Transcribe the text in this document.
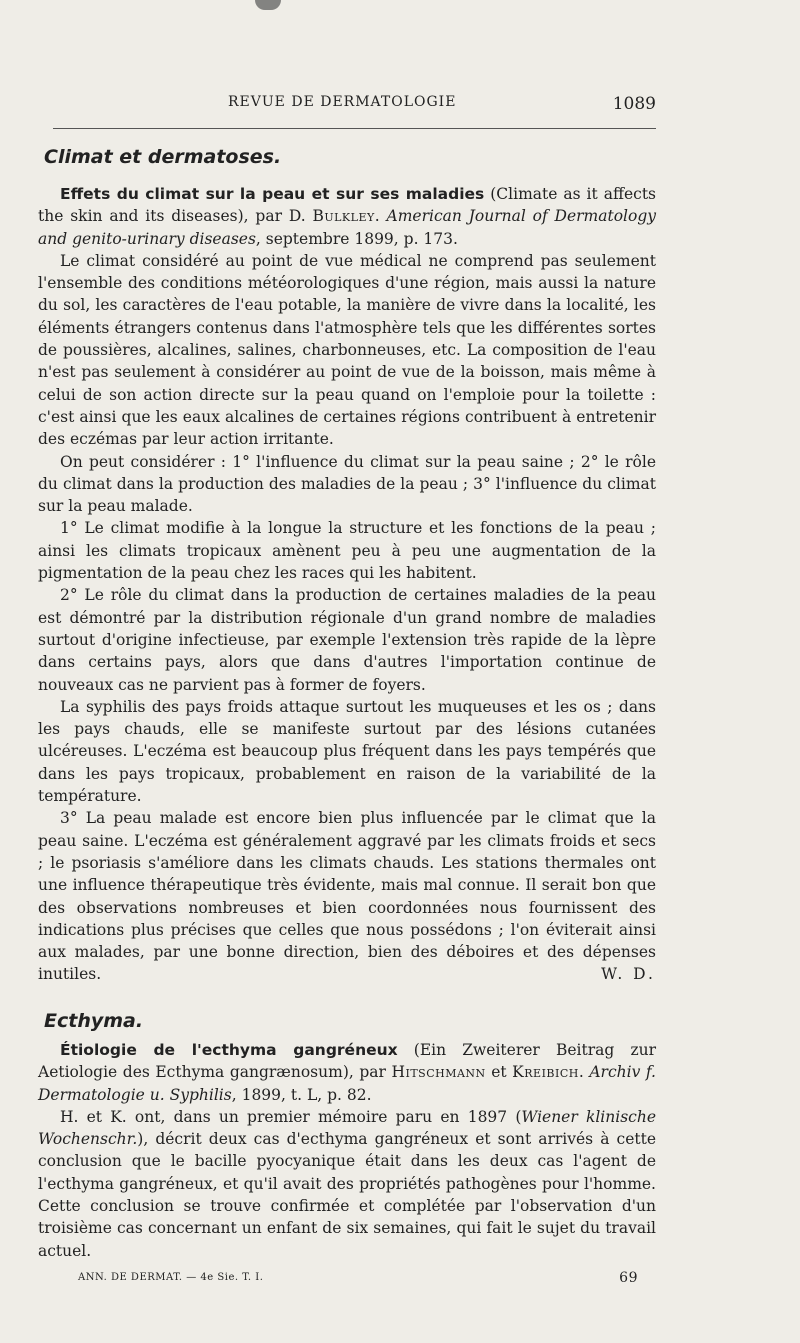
REVUE DE DERMATOLOGIE	1089
Climat et dermatoses.

Effets du climat sur la peau et sur ses maladies (Climate as it affects the skin and its diseases), par D. Bulkley. American Journal of Dermatology and genito-urinary diseases, septembre 1899, p. 173.

Le climat considéré au point de vue médical ne comprend pas seulement l'ensemble des conditions météorologiques d'une région, mais aussi la nature du sol, les caractères de l'eau potable, la manière de vivre dans la localité, les éléments étrangers contenus dans l'atmosphère tels que les différentes sortes de poussières, alcalines, salines, charbonneuses, etc. La composition de l'eau n'est pas seulement à considérer au point de vue de la boisson, mais même à celui de son action directe sur la peau quand on l'emploie pour la toilette : c'est ainsi que les eaux alcalines de certaines régions contribuent à entretenir des eczémas par leur action irritante.

On peut considérer : 1° l'influence du climat sur la peau saine ; 2° le rôle du climat dans la production des maladies de la peau ; 3° l'influence du climat sur la peau malade.

1° Le climat modifie à la longue la structure et les fonctions de la peau ; ainsi les climats tropicaux amènent peu à peu une augmentation de la pigmentation de la peau chez les races qui les habitent.

2° Le rôle du climat dans la production de certaines maladies de la peau est démontré par la distribution régionale d'un grand nombre de maladies surtout d'origine infectieuse, par exemple l'extension très rapide de la lèpre dans certains pays, alors que dans d'autres l'importation continue de nouveaux cas ne parvient pas à former de foyers.

La syphilis des pays froids attaque surtout les muqueuses et les os ; dans les pays chauds, elle se manifeste surtout par des lésions cutanées ulcéreuses. L'eczéma est beaucoup plus fréquent dans les pays tempérés que dans les pays tropicaux, probablement en raison de la variabilité de la température.

3° La peau malade est encore bien plus influencée par le climat que la peau saine. L'eczéma est généralement aggravé par les climats froids et secs ; le psoriasis s'améliore dans les climats chauds. Les stations thermales ont une influence thérapeutique très évidente, mais mal connue. Il serait bon que des observations nombreuses et bien coordonnées nous fournissent des indications plus précises que celles que nous possédons ; l'on éviterait ainsi aux malades, par une bonne direction, bien des déboires et des dépenses inutiles.	W. D.

Ecthyma.

Étiologie de l'ecthyma gangréneux (Ein Zweiterer Beitrag zur Aetiologie des Ecthyma gangrænosum), par Hitschmann et Kreibich. Archiv f. Dermatologie u. Syphilis, 1899, t. L, p. 82.

H. et K. ont, dans un premier mémoire paru en 1897 (Wiener klinische Wochenschr.), décrit deux cas d'ecthyma gangréneux et sont arrivés à cette conclusion que le bacille pyocyanique était dans les deux cas l'agent de l'ecthyma gangréneux, et qu'il avait des propriétés pathogènes pour l'homme. Cette conclusion se trouve confirmée et complétée par l'observation d'un troisième cas concernant un enfant de six semaines, qui fait le sujet du travail actuel.

ANN. DE DERMAT. — 4e Sie. T. I.	69
